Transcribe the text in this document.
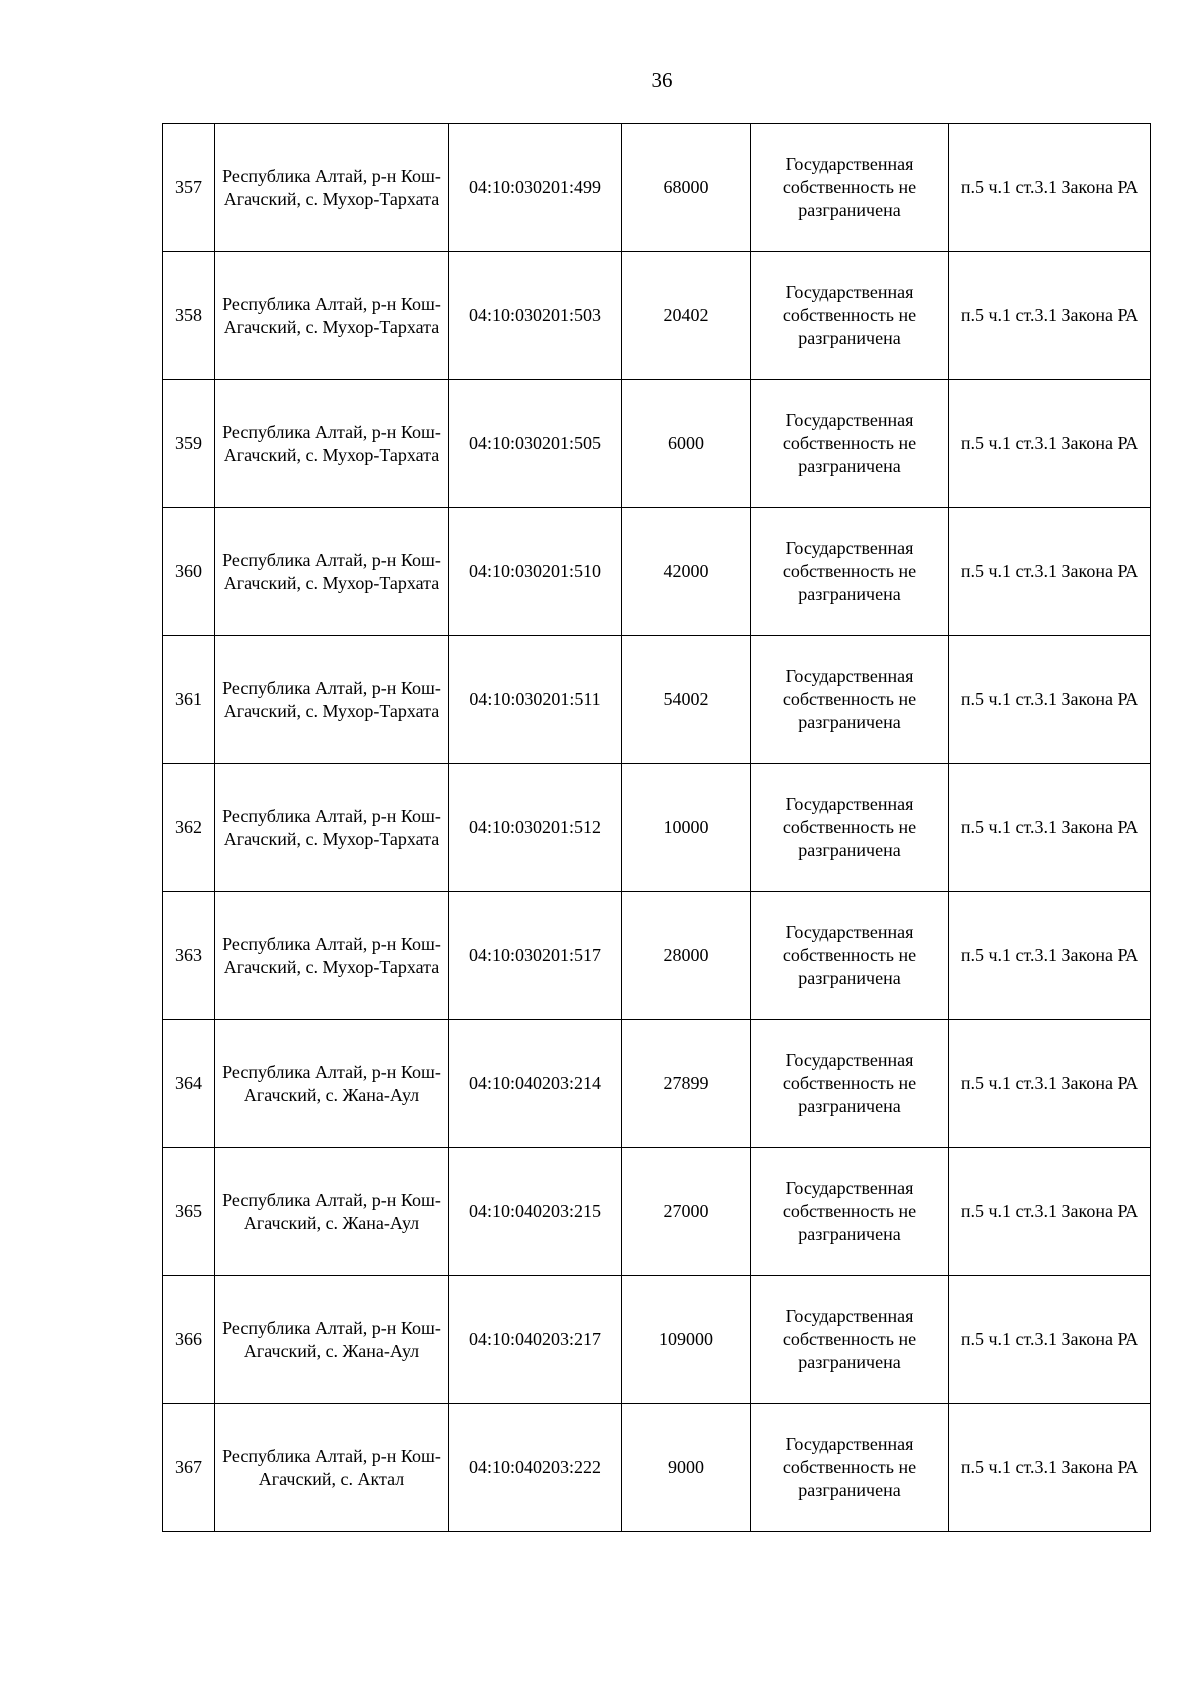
36
357	Республика Алтай, р-н Кош-Агачский, с. Мухор-Тархата	04:10:030201:499	68000	Государственная собственность не разграничена	п.5 ч.1 ст.3.1 Закона РА
358	Республика Алтай, р-н Кош-Агачский, с. Мухор-Тархата	04:10:030201:503	20402	Государственная собственность не разграничена	п.5 ч.1 ст.3.1 Закона РА
359	Республика Алтай, р-н Кош-Агачский, с. Мухор-Тархата	04:10:030201:505	6000	Государственная собственность не разграничена	п.5 ч.1 ст.3.1 Закона РА
360	Республика Алтай, р-н Кош-Агачский, с. Мухор-Тархата	04:10:030201:510	42000	Государственная собственность не разграничена	п.5 ч.1 ст.3.1 Закона РА
361	Республика Алтай, р-н Кош-Агачский, с. Мухор-Тархата	04:10:030201:511	54002	Государственная собственность не разграничена	п.5 ч.1 ст.3.1 Закона РА
362	Республика Алтай, р-н Кош-Агачский, с. Мухор-Тархата	04:10:030201:512	10000	Государственная собственность не разграничена	п.5 ч.1 ст.3.1 Закона РА
363	Республика Алтай, р-н Кош-Агачский, с. Мухор-Тархата	04:10:030201:517	28000	Государственная собственность не разграничена	п.5 ч.1 ст.3.1 Закона РА
364	Республика Алтай, р-н Кош-Агачский, с. Жана-Аул	04:10:040203:214	27899	Государственная собственность не разграничена	п.5 ч.1 ст.3.1 Закона РА
365	Республика Алтай, р-н Кош-Агачский, с. Жана-Аул	04:10:040203:215	27000	Государственная собственность не разграничена	п.5 ч.1 ст.3.1 Закона РА
366	Республика Алтай, р-н Кош-Агачский, с. Жана-Аул	04:10:040203:217	109000	Государственная собственность не разграничена	п.5 ч.1 ст.3.1 Закона РА
367	Республика Алтай, р-н Кош-Агачский, с. Актал	04:10:040203:222	9000	Государственная собственность не разграничена	п.5 ч.1 ст.3.1 Закона РА
